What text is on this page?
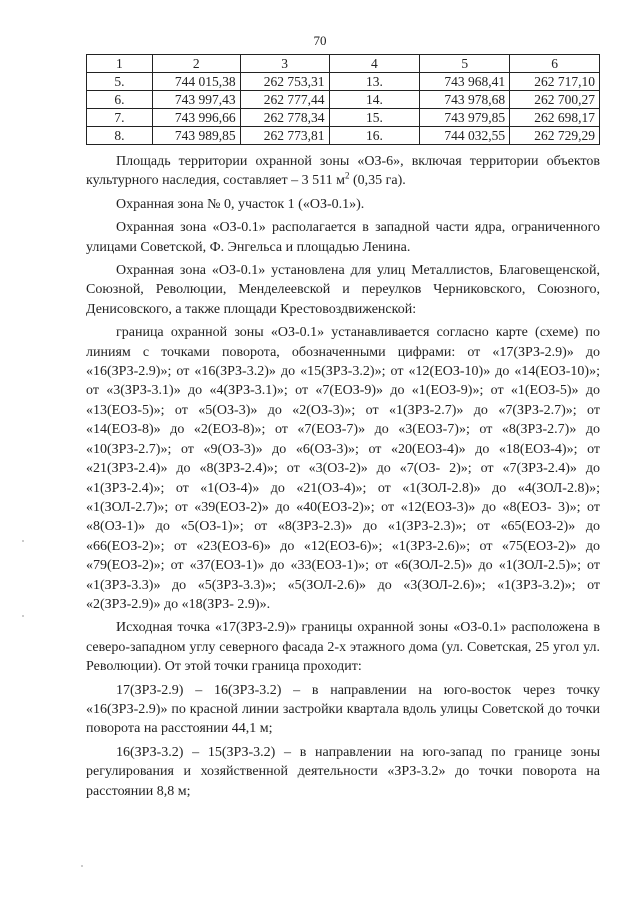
70
1	2	3	4	5	6
5.	744 015,38	262 753,31	13.	743 968,41	262 717,10
6.	743 997,43	262 777,44	14.	743 978,68	262 700,27
7.	743 996,66	262 778,34	15.	743 979,85	262 698,17
8.	743 989,85	262 773,81	16.	744 032,55	262 729,29

Площадь территории охранной зоны «ОЗ-6», включая территории объектов культурного наследия, составляет – 3 511 $м^2$ (0,35 га).

Охранная зона № 0, участок 1 («ОЗ-0.1»).

Охранная зона «ОЗ-0.1» располагается в западной части ядра, ограниченного улицами Советской, Ф. Энгельса и площадью Ленина.

Охранная зона «ОЗ-0.1» установлена для улиц Металлистов, Благовещенской, Союзной, Революции, Менделеевской и переулков Черниковского, Союзного, Денисовского, а также площади Крестовоздвиженской:

граница охранной зоны «ОЗ-0.1» устанавливается согласно карте (схеме) по линиям с точками поворота, обозначенными цифрами: от «17(ЗРЗ-2.9)» до «16(ЗРЗ-2.9)»; от «16(ЗРЗ-3.2)» до «15(ЗРЗ-3.2)»; от «12(ЕОЗ-10)» до «14(ЕОЗ-10)»; от «3(ЗРЗ-3.1)» до «4(ЗРЗ-3.1)»; от «7(ЕОЗ-9)» до «1(ЕОЗ-9)»; от «1(ЕОЗ-5)» до «13(ЕОЗ-5)»; от «5(ОЗ-3)» до «2(ОЗ-3)»; от «1(ЗРЗ-2.7)» до «7(ЗРЗ-2.7)»; от «14(ЕОЗ-8)» до «2(ЕОЗ-8)»; от «7(ЕОЗ-7)» до «3(ЕОЗ-7)»; от «8(ЗРЗ-2.7)» до «10(ЗРЗ-2.7)»; от «9(ОЗ-3)» до «6(ОЗ-3)»; от «20(ЕОЗ-4)» до «18(ЕОЗ-4)»; от «21(ЗРЗ-2.4)» до «8(ЗРЗ-2.4)»; от «3(ОЗ-2)» до «7(ОЗ- 2)»; от «7(ЗРЗ-2.4)» до «1(ЗРЗ-2.4)»; от «1(ОЗ-4)» до «21(ОЗ-4)»; от «1(ЗОЛ-2.8)» до «4(ЗОЛ-2.8)»; «1(ЗОЛ-2.7)»; от «39(ЕОЗ-2)» до «40(ЕОЗ-2)»; от «12(ЕОЗ-3)» до «8(ЕОЗ- 3)»; от «8(ОЗ-1)» до «5(ОЗ-1)»; от «8(ЗРЗ-2.3)» до «1(ЗРЗ-2.3)»; от «65(ЕОЗ-2)» до «66(ЕОЗ-2)»; от «23(ЕОЗ-6)» до «12(ЕОЗ-6)»; «1(ЗРЗ-2.6)»; от «75(ЕОЗ-2)» до «79(ЕОЗ-2)»; от «37(ЕОЗ-1)» до «33(ЕОЗ-1)»; от «6(ЗОЛ-2.5)» до «1(ЗОЛ-2.5)»; от «1(ЗРЗ-3.3)» до «5(ЗРЗ-3.3)»; «5(ЗОЛ-2.6)» до «3(ЗОЛ-2.6)»; «1(ЗРЗ-3.2)»; от «2(ЗРЗ-2.9)» до «18(ЗРЗ- 2.9)».

Исходная точка «17(ЗРЗ-2.9)» границы охранной зоны «ОЗ-0.1» расположена в северо-западном углу северного фасада 2-х этажного дома (ул. Советская, 25 угол ул. Революции). От этой точки граница проходит:

17(ЗРЗ-2.9) – 16(ЗРЗ-3.2) – в направлении на юго-восток через точку «16(ЗРЗ-2.9)» по красной линии застройки квартала вдоль улицы Советской до точки поворота на расстоянии 44,1 м;

16(ЗРЗ-3.2) – 15(ЗРЗ-3.2) – в направлении на юго-запад по границе зоны регулирования и хозяйственной деятельности «ЗРЗ-3.2» до точки поворота на расстоянии 8,8 м;
